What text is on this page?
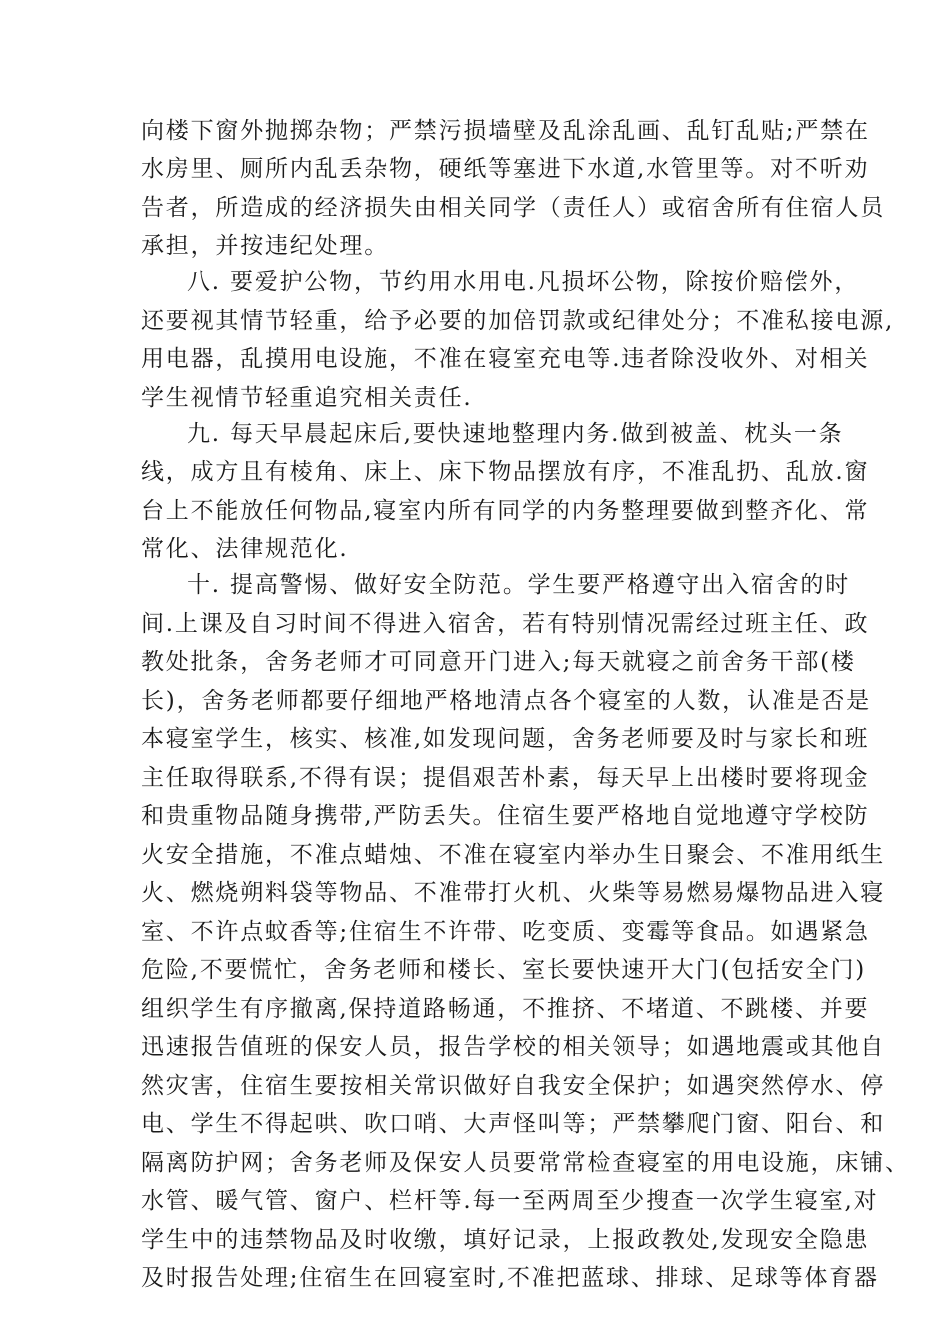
向楼下窗外抛掷杂物；严禁污损墙壁及乱涂乱画、乱钉乱贴;严禁在

水房里、厕所内乱丢杂物，硬纸等塞进下水道,水管里等。对不听劝

告者，所造成的经济损失由相关同学（责任人）或宿舍所有住宿人员

承担，并按违纪处理。

八. 要爱护公物，节约用水用电.凡损坏公物，除按价赔偿外，

还要视其情节轻重，给予必要的加倍罚款或纪律处分；不准私接电源,

用电器，乱摸用电设施，不准在寝室充电等.违者除没收外、对相关

学生视情节轻重追究相关责任.

九. 每天早晨起床后,要快速地整理内务.做到被盖、枕头一条

线，成方且有棱角、床上、床下物品摆放有序，不准乱扔、乱放.窗

台上不能放任何物品,寝室内所有同学的内务整理要做到整齐化、常

常化、法律规范化.

十. 提高警惕、做好安全防范。学生要严格遵守出入宿舍的时

间.上课及自习时间不得进入宿舍，若有特别情况需经过班主任、政

教处批条，舍务老师才可同意开门进入;每天就寝之前舍务干部(楼

长)，舍务老师都要仔细地严格地清点各个寝室的人数，认准是否是

本寝室学生，核实、核准,如发现问题，舍务老师要及时与家长和班

主任取得联系,不得有误；提倡艰苦朴素，每天早上出楼时要将现金

和贵重物品随身携带,严防丢失。住宿生要严格地自觉地遵守学校防

火安全措施，不准点蜡烛、不准在寝室内举办生日聚会、不准用纸生

火、燃烧朔料袋等物品、不准带打火机、火柴等易燃易爆物品进入寝

室、不许点蚊香等;住宿生不许带、吃变质、变霉等食品。如遇紧急

危险,不要慌忙，舍务老师和楼长、室长要快速开大门(包括安全门)

组织学生有序撤离,保持道路畅通，不推挤、不堵道、不跳楼、并要

迅速报告值班的保安人员，报告学校的相关领导；如遇地震或其他自

然灾害，住宿生要按相关常识做好自我安全保护；如遇突然停水、停

电、学生不得起哄、吹口哨、大声怪叫等；严禁攀爬门窗、阳台、和

隔离防护网；舍务老师及保安人员要常常检查寝室的用电设施，床铺、

水管、暖气管、窗户、栏杆等.每一至两周至少搜查一次学生寝室,对

学生中的违禁物品及时收缴，填好记录，上报政教处,发现安全隐患

及时报告处理;住宿生在回寝室时,不准把蓝球、排球、足球等体育器
